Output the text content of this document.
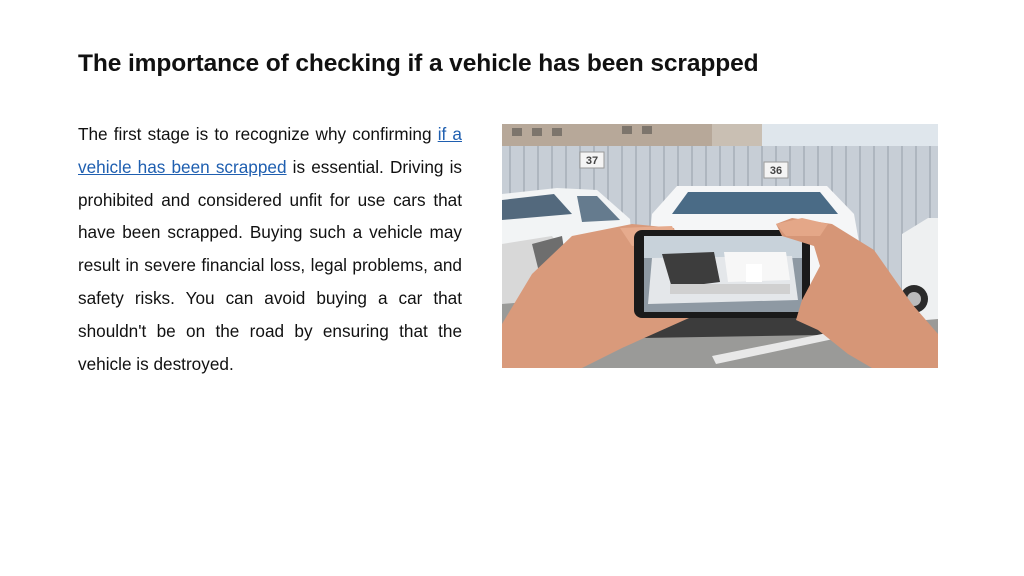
The importance of checking if a vehicle has been scrapped

The first stage is to recognize why confirming if a vehicle has been scrapped is essential. Driving is prohibited and considered unfit for use cars that have been scrapped. Buying such a vehicle may result in severe financial loss, legal problems, and safety risks. You can avoid buying a car that shouldn't be on the road by ensuring that the vehicle is destroyed.

37
36
